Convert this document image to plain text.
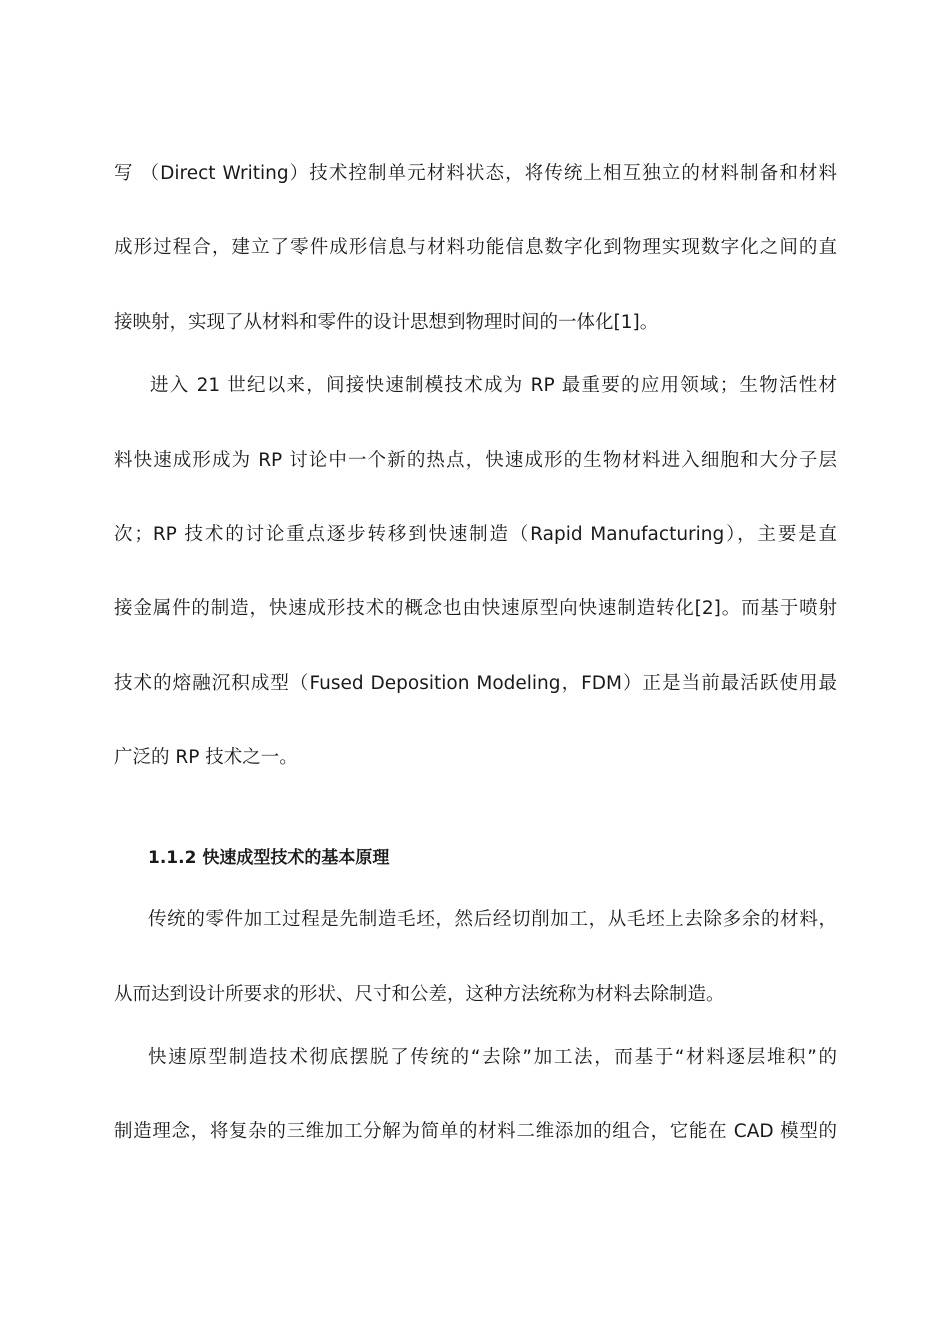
写 （Direct Writing）技术控制单元材料状态，将传统上相互独立的材料制备和材料
成形过程合，建立了零件成形信息与材料功能信息数字化到物理实现数字化之间的直
接映射，实现了从材料和零件的设计思想到物理时间的一体化[1]。
进入 21 世纪以来，间接快速制模技术成为 RP 最重要的应用领域；生物活性材
料快速成形成为 RP 讨论中一个新的热点，快速成形的生物材料进入细胞和大分子层
次；RP 技术的讨论重点逐步转移到快速制造（Rapid Manufacturing），主要是直
接金属件的制造，快速成形技术的概念也由快速原型向快速制造转化[2]。而基于喷射
技术的熔融沉积成型（Fused Deposition Modeling，FDM）正是当前最活跃使用最
广泛的 RP 技术之一。
1.1.2 快速成型技术的基本原理
传统的零件加工过程是先制造毛坯，然后经切削加工，从毛坯上去除多余的材料，
从而达到设计所要求的形状、尺寸和公差，这种方法统称为材料去除制造。
快速原型制造技术彻底摆脱了传统的“去除”加工法，而基于“材料逐层堆积”的
制造理念，将复杂的三维加工分解为简单的材料二维添加的组合，它能在 CAD 模型的
